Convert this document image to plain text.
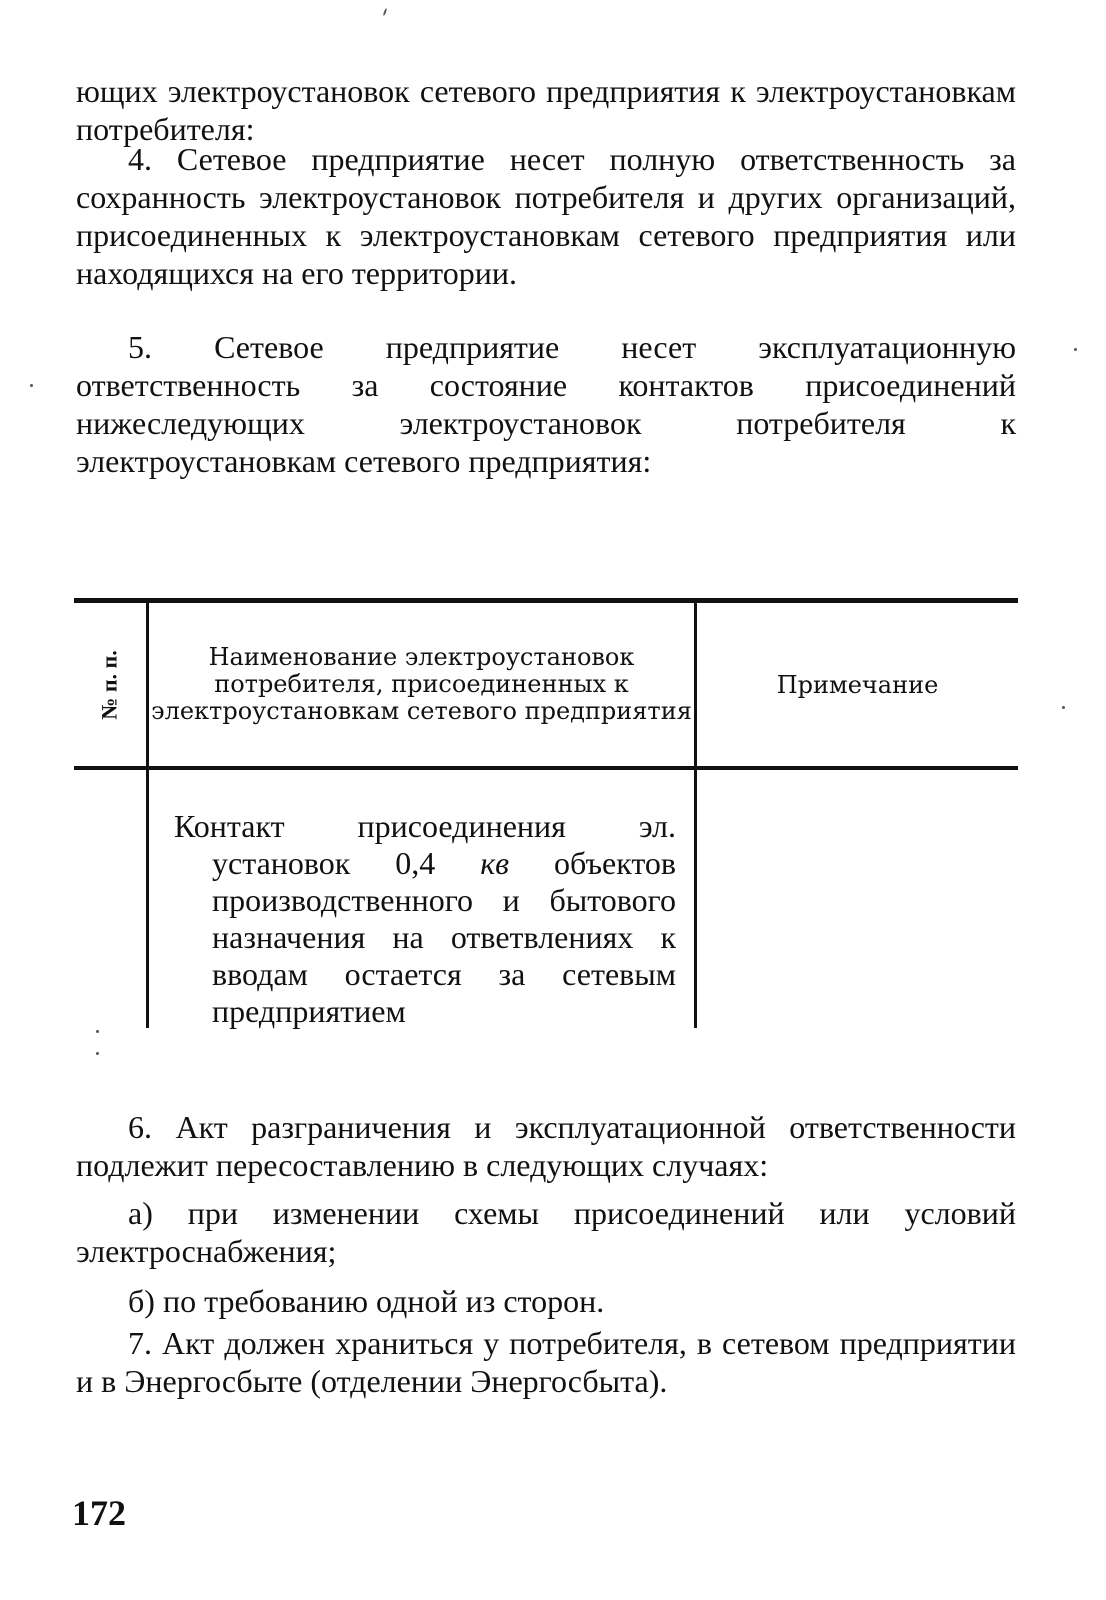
ющих электроустановок сетевого предприятия к электроустановкам потребителя:

4. Сетевое предприятие несет полную ответственность за сохранность электроустановок потребителя и других организаций, присоединенных к электроустановкам сетевого предприятия или находящихся на его территории.

5. Сетевое предприятие несет эксплуатационную ответственность за состояние контактов присоединений нижеследующих электроустановок потребителя к электроустановкам сетевого предприятия:

№ п. п.	Наименование электроустановок потребителя, присоединенных к электроустановкам сетевого предприятия
Примечание
Контакт присоединения эл. установок 0,4 кв объектов производственного и бытового назначения на ответвлениях к вводам остается за сетевым предприятием

6. Акт разграничения и эксплуатационной ответственности подлежит пересоставлению в следующих случаях:

а) при изменении схемы присоединений или условий электроснабжения;

б) по требованию одной из сторон.

7. Акт должен храниться у потребителя, в сетевом предприятии и в Энергосбыте (отделении Энергосбыта).

172
